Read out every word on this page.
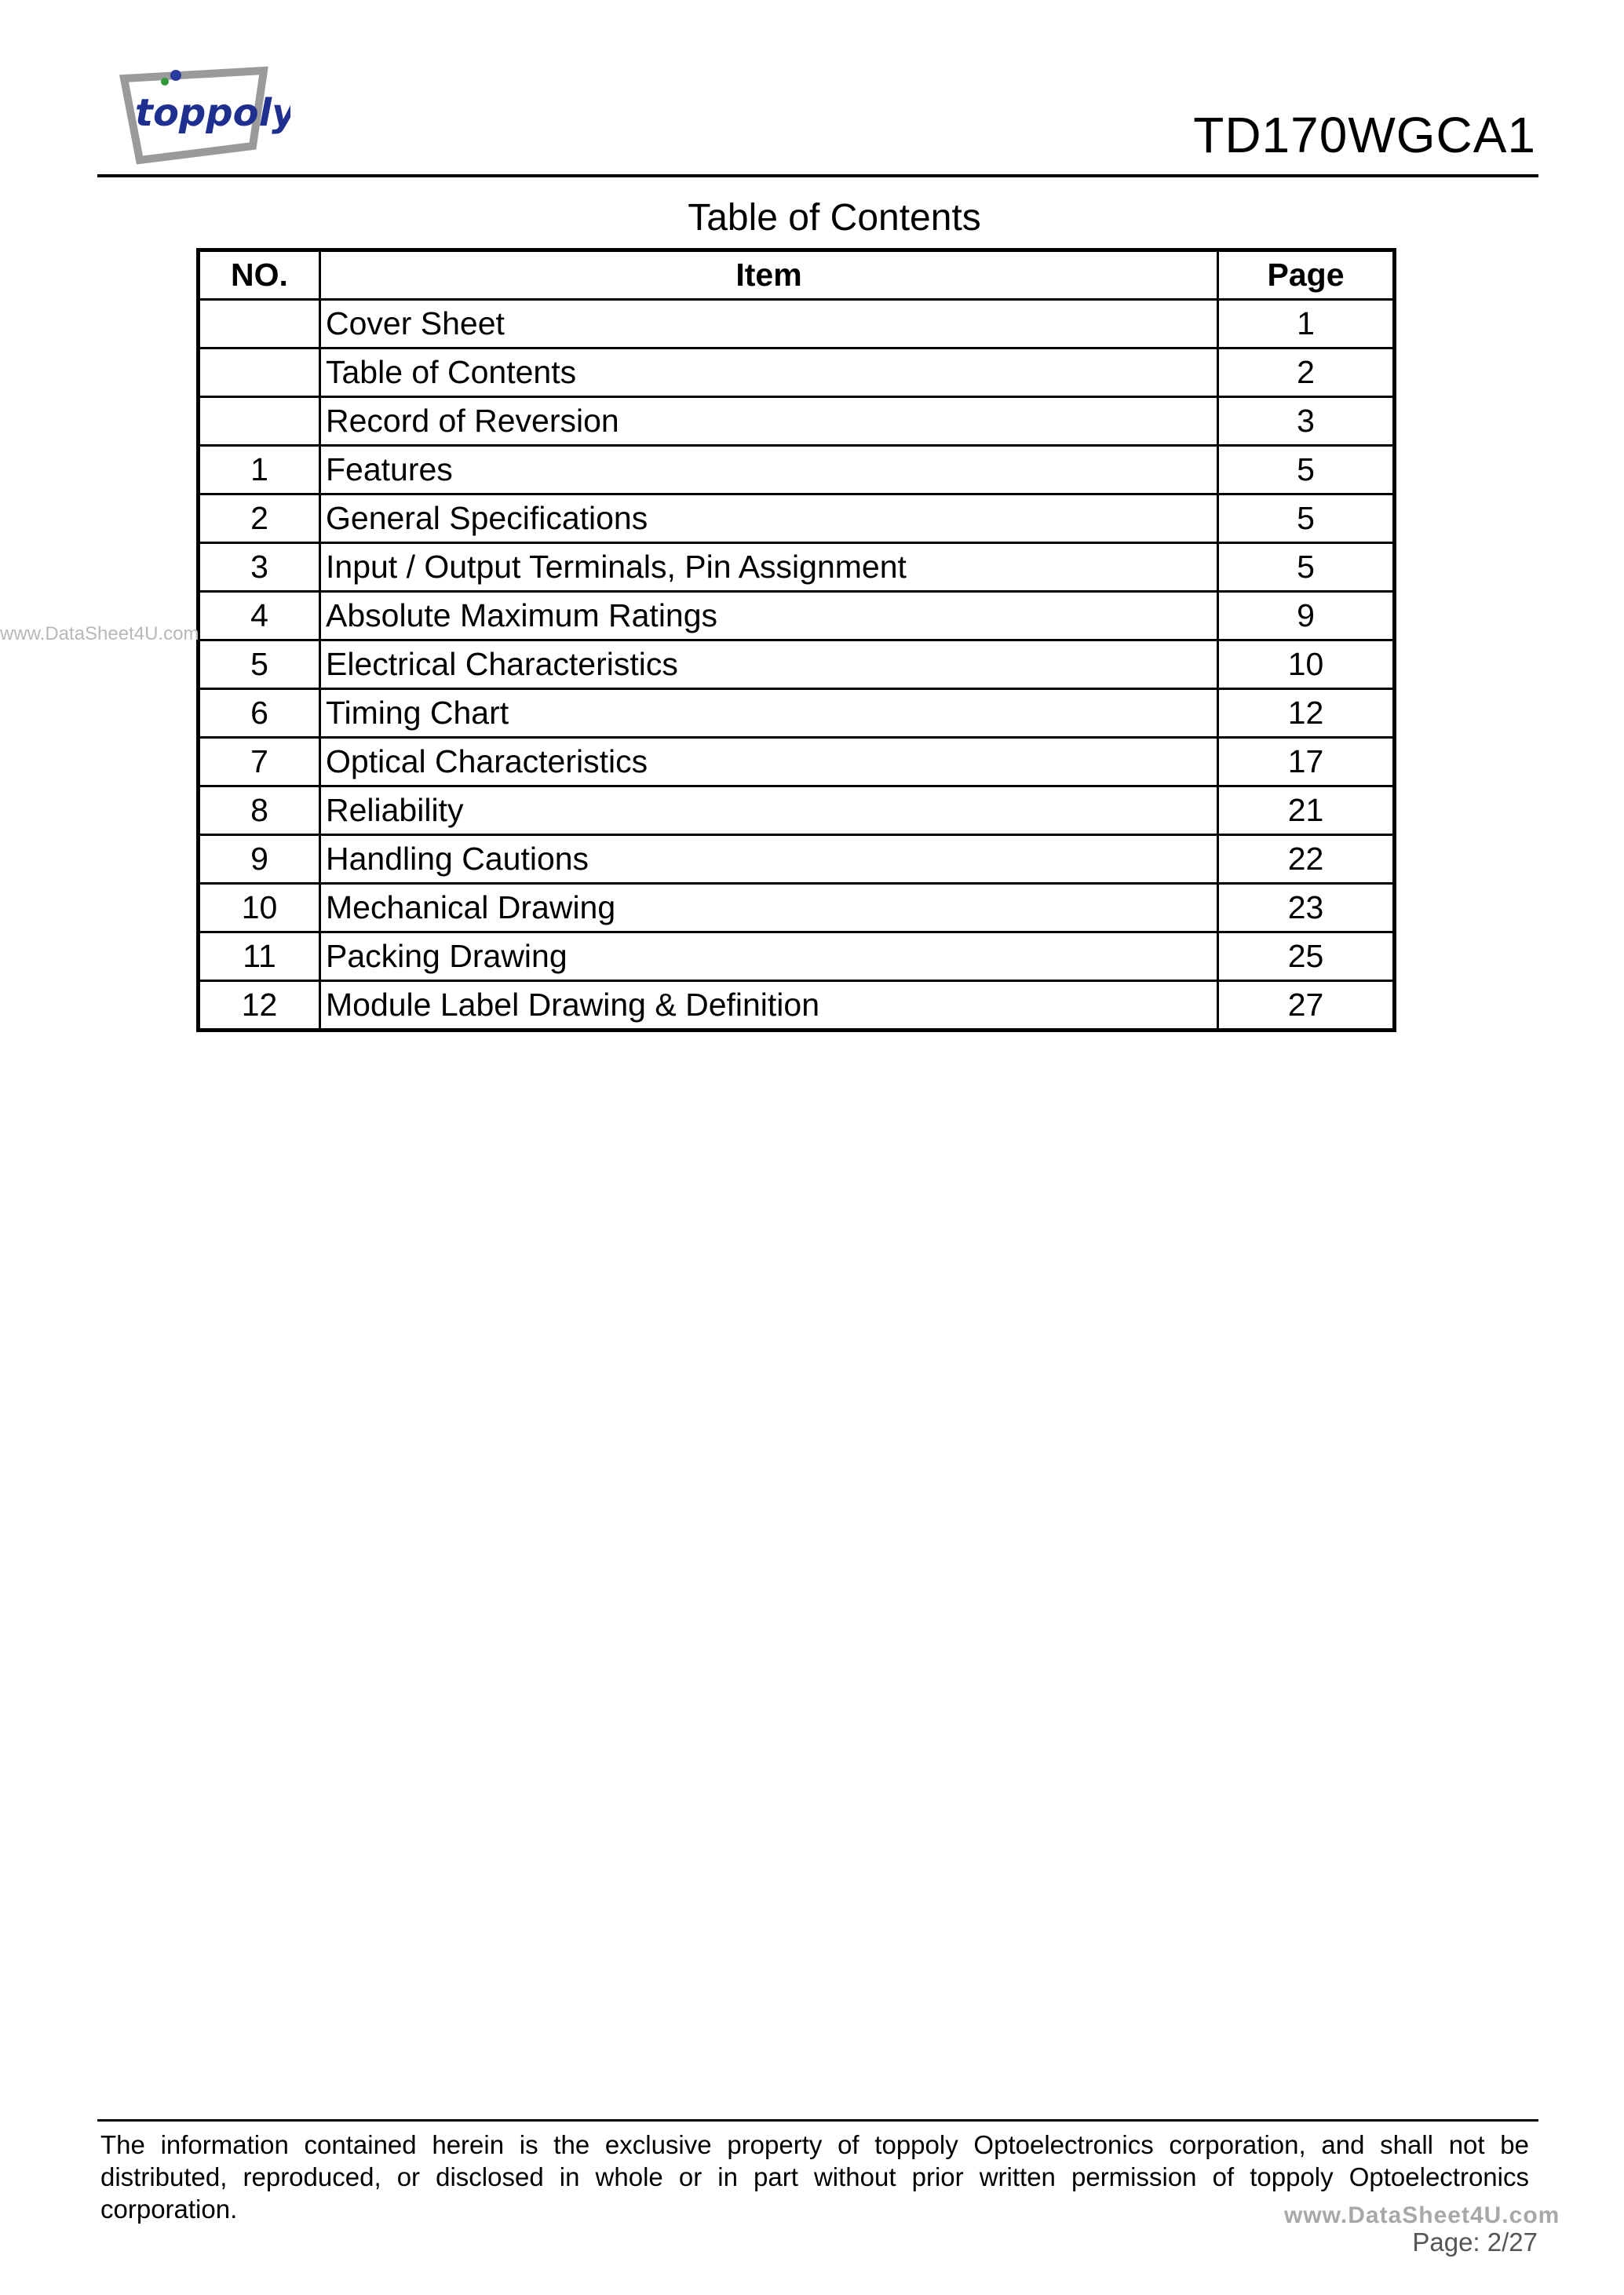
toppoly	TD170WGCA1
Table of Contents
NO.	Item	Page
	Cover Sheet	1
	Table of Contents	2
	Record of Reversion	3
1	Features	5
2	General Specifications	5
3	Input / Output Terminals, Pin Assignment	5
4	Absolute Maximum Ratings	9
5	Electrical Characteristics	10
6	Timing Chart	12
7	Optical Characteristics	17
8	Reliability	21
9	Handling Cautions	22
10	Mechanical Drawing	23
11	Packing Drawing	25
12	Module Label Drawing & Definition	27
www.DataSheet4U.com
The information contained herein is the exclusive property of toppoly Optoelectronics corporation, and shall not be distributed, reproduced, or disclosed in whole or in part without prior written permission of toppoly Optoelectronics corporation.	www.DataSheet4U.com
Page: 2/27
